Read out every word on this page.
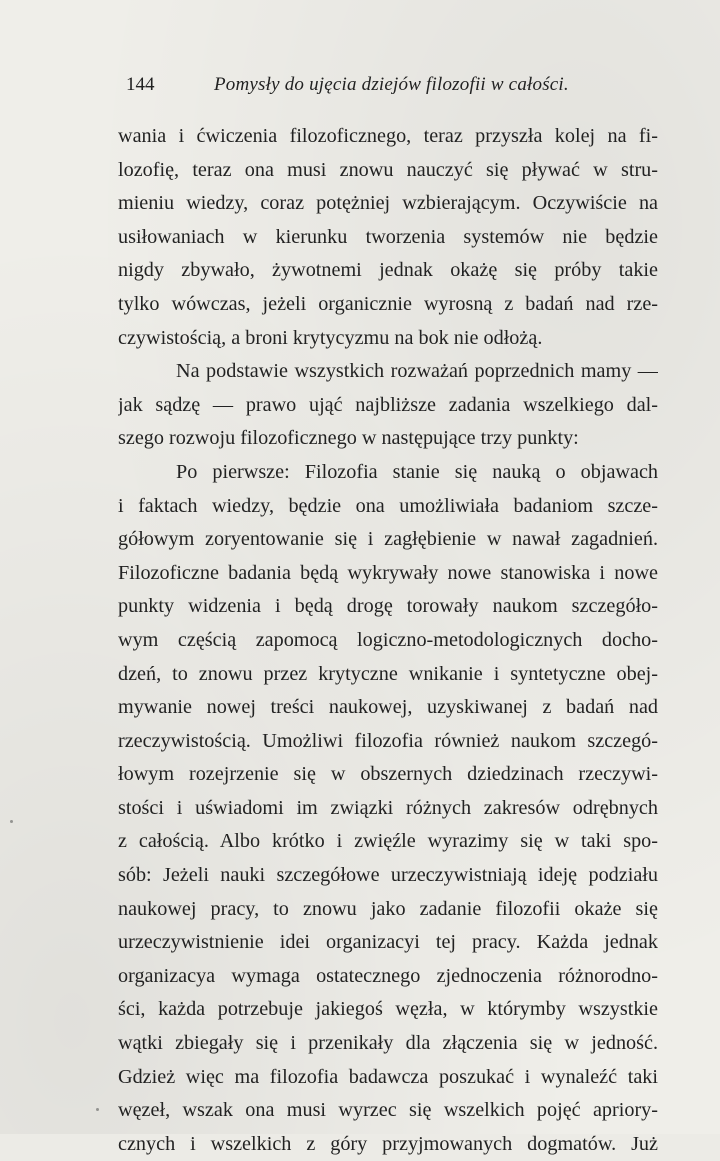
144	Pomysły do ujęcia dziejów filozofii w całości.
wania i ćwiczenia filozoficznego, teraz przyszła kolej na fi-
lozofię, teraz ona musi znowu nauczyć się pływać w stru-
mieniu wiedzy, coraz potężniej wzbierającym. Oczywiście na
usiłowaniach w kierunku tworzenia systemów nie będzie
nigdy zbywało, żywotnemi jednak okażę się próby takie
tylko wówczas, jeżeli organicznie wyrosną z badań nad rze-
czywistością, a broni krytycyzmu na bok nie odłożą.
Na podstawie wszystkich rozważań poprzednich mamy —
jak sądzę — prawo ująć najbliższe zadania wszelkiego dal-
szego rozwoju filozoficznego w następujące trzy punkty:
Po pierwsze: Filozofia stanie się nauką o objawach
i faktach wiedzy, będzie ona umożliwiała badaniom szcze-
gółowym zoryentowanie się i zagłębienie w nawał zagadnień.
Filozoficzne badania będą wykrywały nowe stanowiska i nowe
punkty widzenia i będą drogę torowały naukom szczegóło-
wym częścią zapomocą logiczno-metodologicznych docho-
dzeń, to znowu przez krytyczne wnikanie i syntetyczne obej-
mywanie nowej treści naukowej, uzyskiwanej z badań nad
rzeczywistością. Umożliwi filozofia również naukom szczegó-
łowym rozejrzenie się w obszernych dziedzinach rzeczywi-
stości i uświadomi im związki różnych zakresów odrębnych
z całością. Albo krótko i zwięźle wyrazimy się w taki spo-
sób: Jeżeli nauki szczegółowe urzeczywistniają ideję podziału
naukowej pracy, to znowu jako zadanie filozofii okaże się
urzeczywistnienie idei organizacyi tej pracy. Każda jednak
organizacya wymaga ostatecznego zjednoczenia różnorodno-
ści, każda potrzebuje jakiegoś węzła, w którymby wszystkie
wątki zbiegały się i przenikały dla złączenia się w jedność.
Gdzież więc ma filozofia badawcza poszukać i wynaleźć taki
węzeł, wszak ona musi wyrzec się wszelkich pojęć apriory-
cznych i wszelkich z góry przyjmowanych dogmatów. Już
